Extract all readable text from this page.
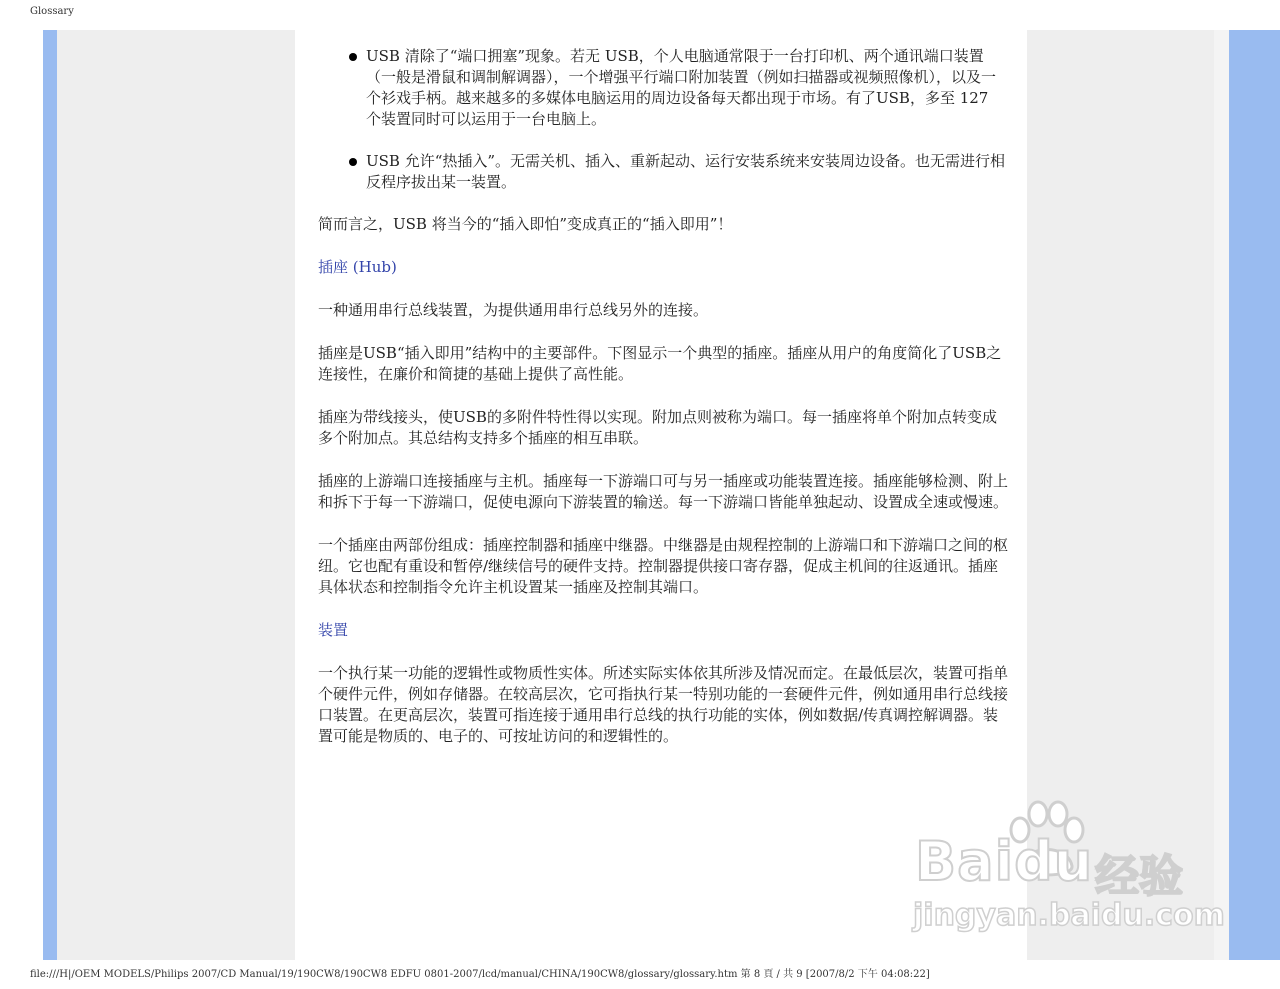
Glossary
USB 清除了“端口拥塞”现象。若无 USB，个人电脑通常限于一台打印机、两个通讯端口装置（一般是滑鼠和调制解调器），一个增强平行端口附加装置（例如扫描器或视频照像机），以及一个衫戏手柄。越来越多的多媒体电脑运用的周边设备每天都出现于市场。有了USB，多至 127 个装置同时可以运用于一台电脑上。
USB 允许“热插入”。无需关机、插入、重新起动、运行安装系统来安装周边设备。也无需进行相反程序拔出某一装置。

简而言之，USB 将当今的“插入即怕”变成真正的“插入即用”！

插座 (Hub)

一种通用串行总线装置，为提供通用串行总线另外的连接。

插座是USB“插入即用”结构中的主要部件。下图显示一个典型的插座。插座从用户的角度简化了USB之连接性，在廉价和简捷的基础上提供了高性能。

插座为带线接头，使USB的多附件特性得以实现。附加点则被称为端口。每一插座将单个附加点转变成多个附加点。其总结构支持多个插座的相互串联。

插座的上游端口连接插座与主机。插座每一下游端口可与另一插座或功能装置连接。插座能够检测、附上和拆下于每一下游端口，促使电源向下游装置的输送。每一下游端口皆能单独起动、设置成全速或慢速。

一个插座由两部份组成：插座控制器和插座中继器。中继器是由规程控制的上游端口和下游端口之间的枢纽。它也配有重设和暂停/继续信号的硬件支持。控制器提供接口寄存器，促成主机间的往返通讯。插座具体状态和控制指令允许主机设置某一插座及控制其端口。

装置

一个执行某一功能的逻辑性或物质性实体。所述实际实体依其所涉及情况而定。在最低层次，装置可指单个硬件元件，例如存储器。在较高层次，它可指执行某一特别功能的一套硬件元件，例如通用串行总线接口装置。在更高层次，装置可指连接于通用串行总线的执行功能的实体，例如数据/传真调控解调器。装置可能是物质的、电子的、可按址访问的和逻辑性的。

Baidu 经验
jingyan.baidu.com
file:///H|/OEM MODELS/Philips 2007/CD Manual/19/190CW8/190CW8 EDFU 0801-2007/lcd/manual/CHINA/190CW8/glossary/glossary.htm 第 8 頁 / 共 9 [2007/8/2 下午 04:08:22]
